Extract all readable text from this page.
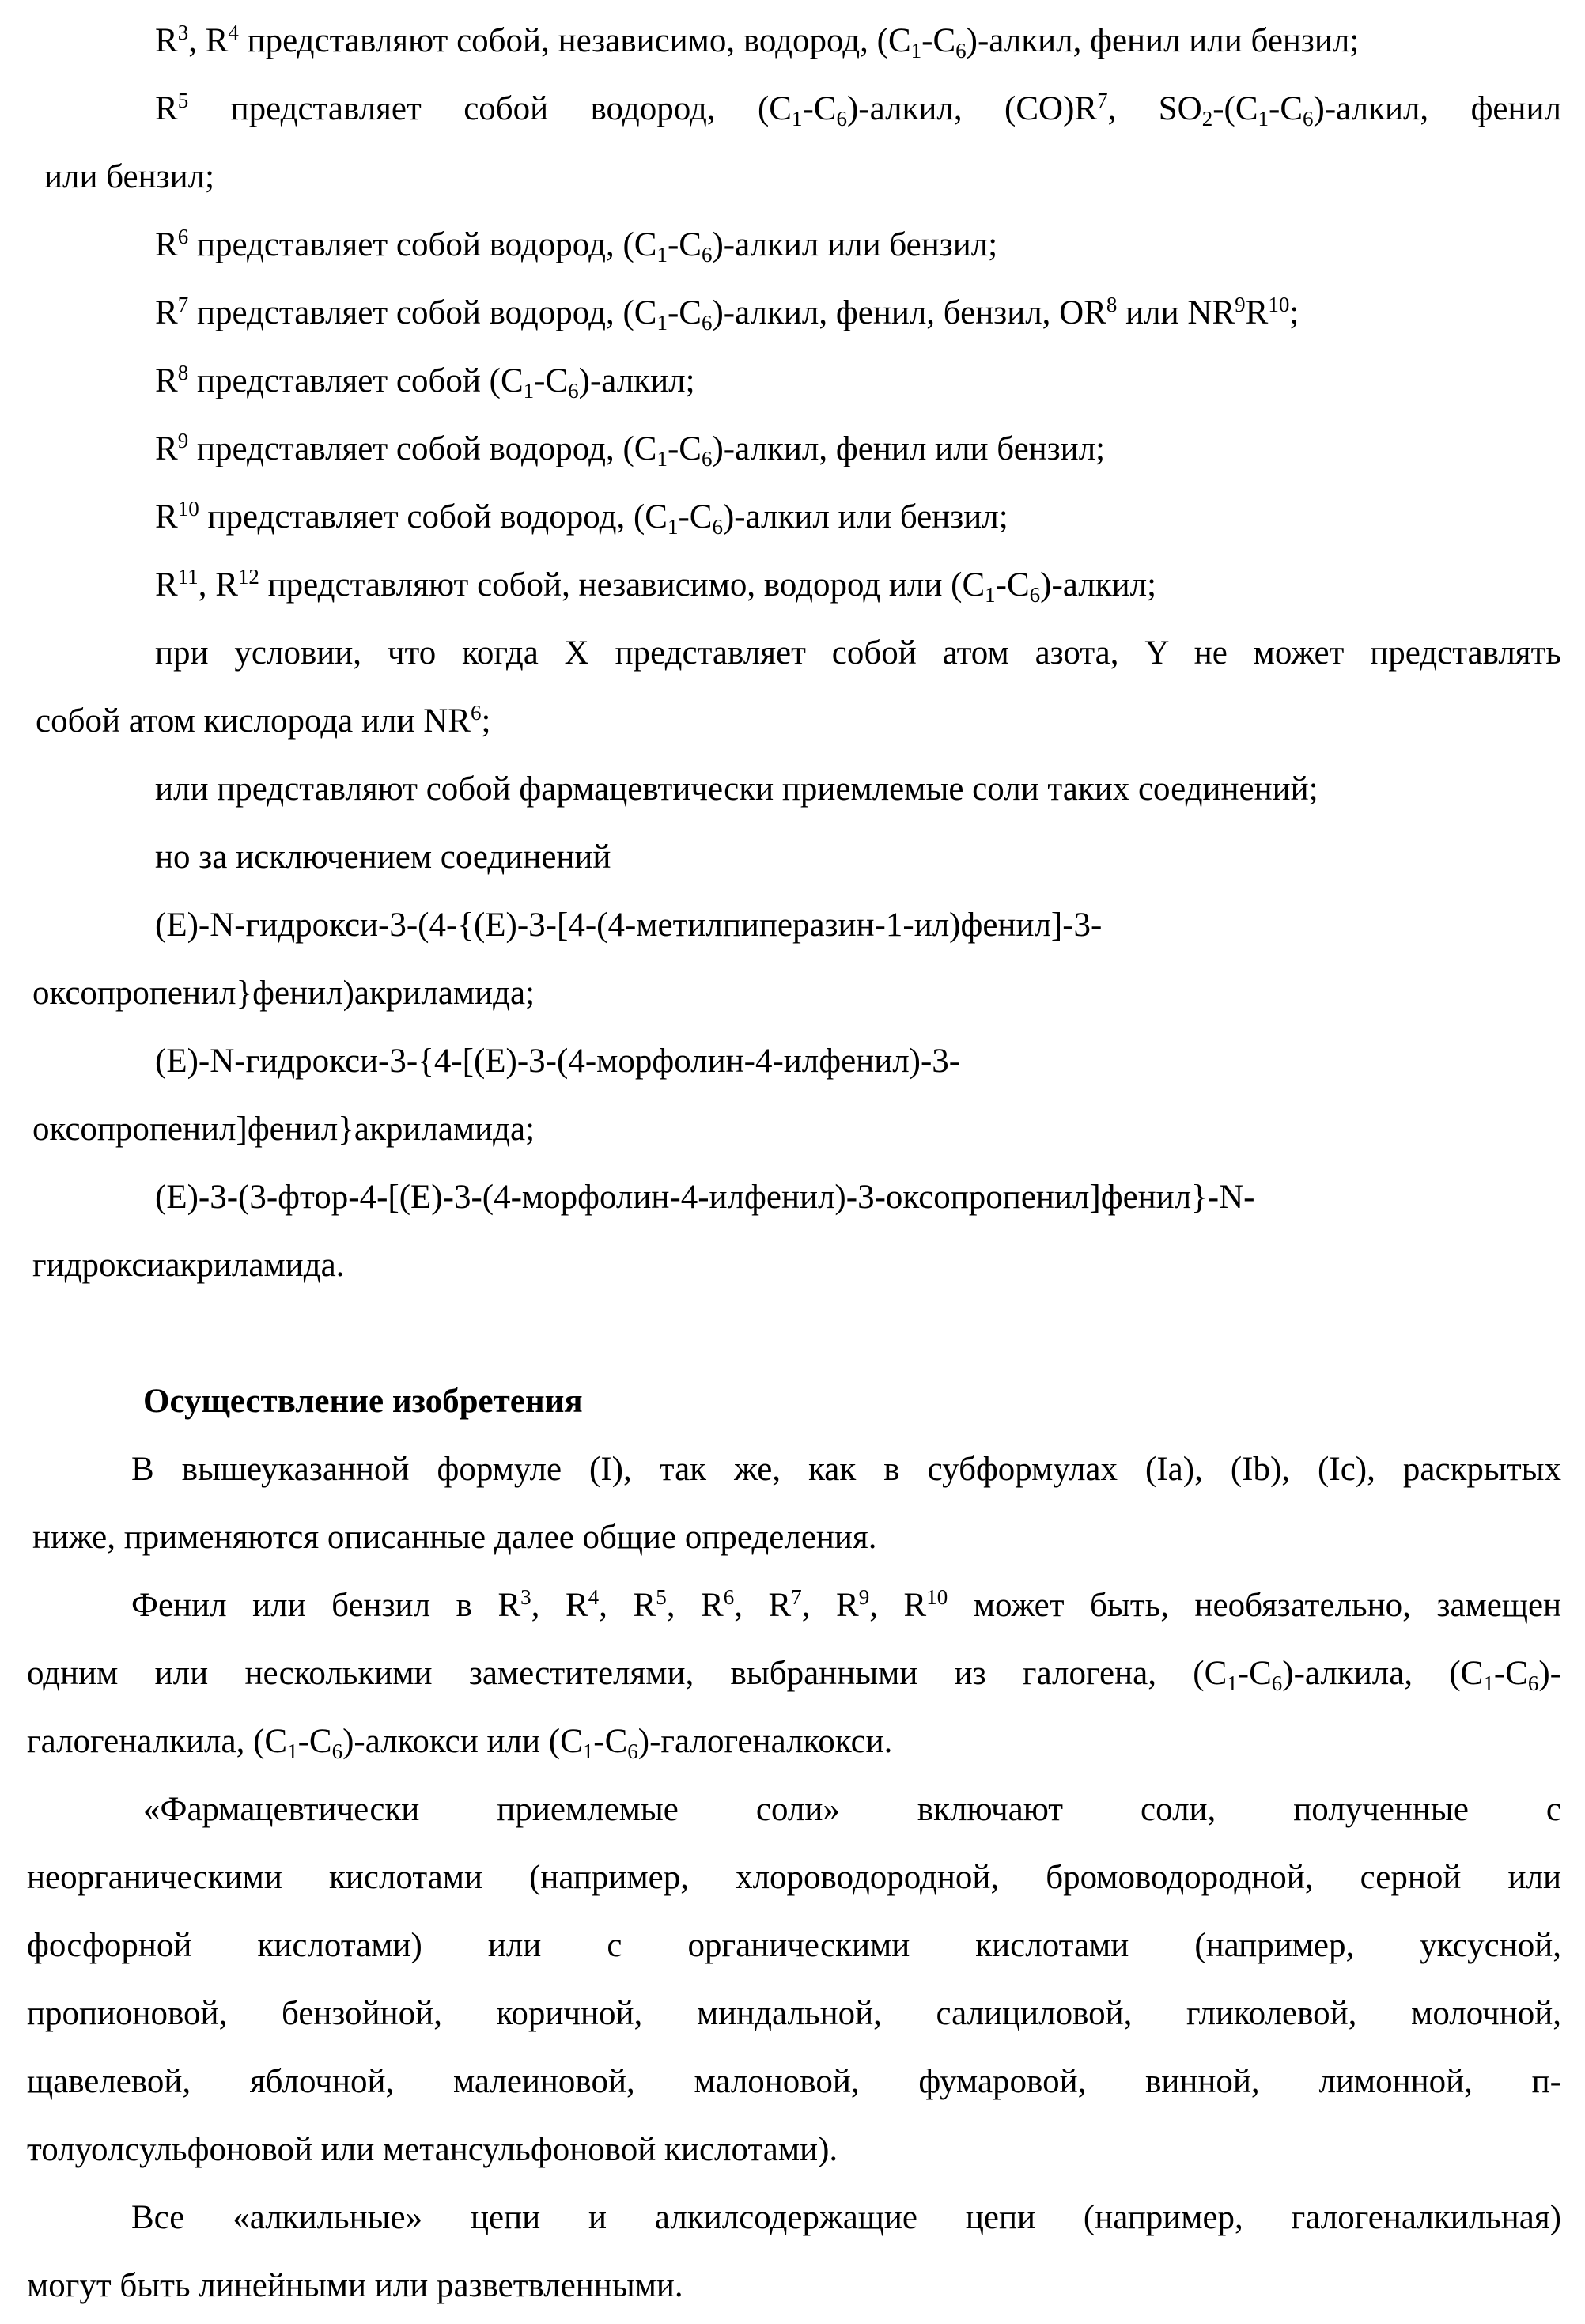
R3, R4 представляют собой, независимо, водород, (C1-C6)-алкил, фенил или бензил;
R5 представляет собой водород, (C1-C6)-алкил, (CO)R7, SO2-(C1-C6)-алкил, фенил
или бензил;
R6 представляет собой водород, (C1-C6)-алкил или бензил;
R7 представляет собой водород, (C1-C6)-алкил, фенил, бензил, OR8 или NR9R10;
R8 представляет собой (C1-C6)-алкил;
R9 представляет собой водород, (C1-C6)-алкил, фенил или бензил;
R10 представляет собой водород, (C1-C6)-алкил или бензил;
R11, R12 представляют собой, независимо, водород или (C1-C6)-алкил;
при условии, что когда X представляет собой атом азота, Y не может представлять
собой атом кислорода или NR6;
или представляют собой фармацевтически приемлемые соли таких соединений;
но за исключением соединений
(E)-N-гидрокси-3-(4-{(E)-3-[4-(4-метилпиперазин-1-ил)фенил]-3-
оксопропенил}фенил)акриламида;
(E)-N-гидрокси-3-{4-[(E)-3-(4-морфолин-4-илфенил)-3-
оксопропенил]фенил}акриламида;
(E)-3-(3-фтор-4-[(E)-3-(4-морфолин-4-илфенил)-3-оксопропенил]фенил}-N-
гидроксиакриламида.
Осуществление изобретения
В вышеуказанной формуле (I), так же, как в субформулах (Ia), (Ib), (Ic), раскрытых
ниже, применяются описанные далее общие определения.
Фенил или бензил в R3, R4, R5, R6, R7, R9, R10 может быть, необязательно, замещен
одним или несколькими заместителями, выбранными из галогена, (C1-C6)-алкила, (C1-C6)-
галогеналкила, (C1-C6)-алкокси или (C1-C6)-галогеналкокси.
«Фармацевтически приемлемые соли» включают соли, полученные с
неорганическими кислотами (например, хлороводородной, бромоводородной, серной или
фосфорной кислотами) или с органическими кислотами (например, уксусной,
пропионовой, бензойной, коричной, миндальной, салициловой, гликолевой, молочной,
щавелевой, яблочной, малеиновой, малоновой, фумаровой, винной, лимонной, п-
толуолсульфоновой или метансульфоновой кислотами).
Все «алкильные» цепи и алкилсодержащие цепи (например, галогеналкильная)
могут быть линейными или разветвленными.
